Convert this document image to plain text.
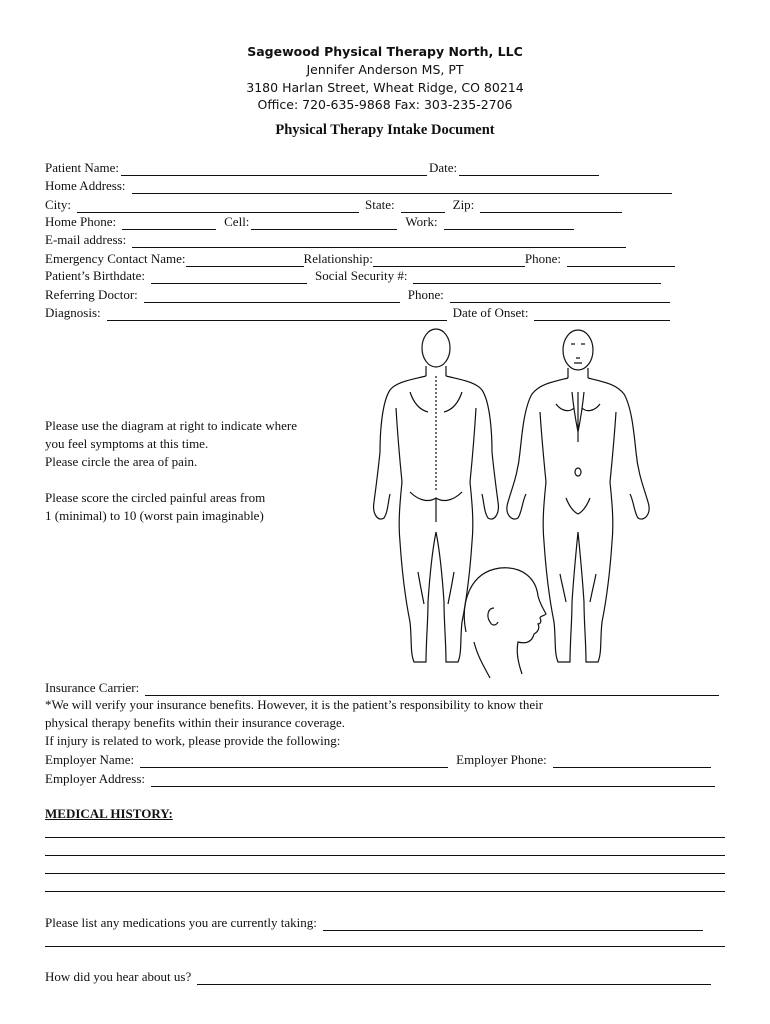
Sagewood Physical Therapy North, LLC
Jennifer Anderson MS, PT
3180 Harlan Street, Wheat Ridge, CO 80214
Office: 720-635-9868 Fax: 303-235-2706
Physical Therapy Intake Document
Patient Name:	Date:
Home Address:
City:	State:	Zip:
Home Phone:	Cell:	Work:
E-mail address:
Emergency Contact Name:	Relationship:	Phone:
Patient’s Birthdate:	Social Security #:
Referring Doctor:	Phone:
Diagnosis:	Date of Onset:
Please use the diagram at right to indicate where
you feel symptoms at this time.
Please circle the area of pain.
Please score the circled painful areas from
1 (minimal) to 10 (worst pain imaginable)
Insurance Carrier:
*We will verify your insurance benefits. However, it is the patient’s responsibility to know their
physical therapy benefits within their insurance coverage.
If injury is related to work, please provide the following:
Employer Name:	Employer Phone:
Employer Address:
MEDICAL HISTORY:
Please list any medications you are currently taking:
How did you hear about us?
